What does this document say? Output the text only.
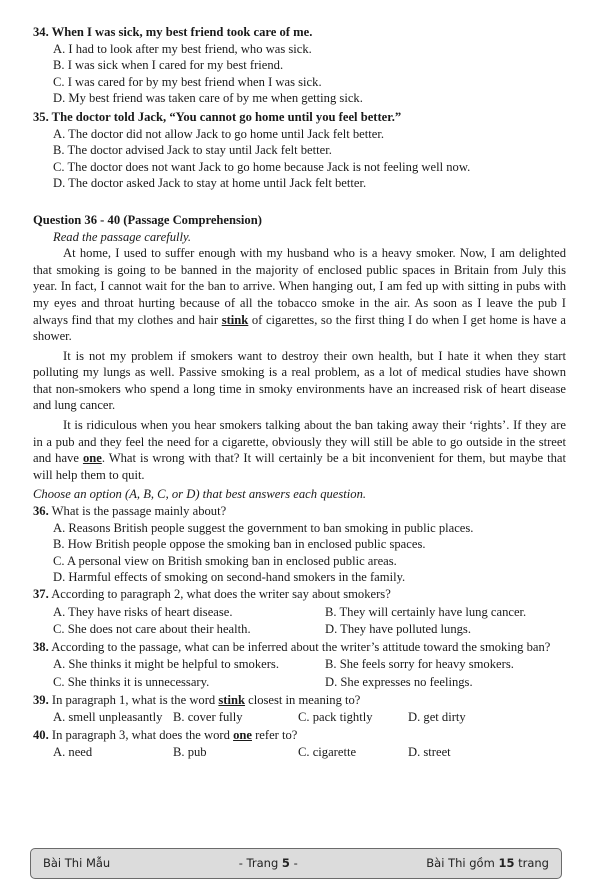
34. When I was sick, my best friend took care of me.

A. I had to look after my best friend, who was sick.

B. I was sick when I cared for my best friend.

C. I was cared for by my best friend when I was sick.

D. My best friend was taken care of by me when getting sick.

35. The doctor told Jack, “You cannot go home until you feel better.”

A. The doctor did not allow Jack to go home until Jack felt better.

B. The doctor advised Jack to stay until Jack felt better.

C. The doctor does not want Jack to go home because Jack is not feeling well now.

D. The doctor asked Jack to stay at home until Jack felt better.

Question 36 - 40 (Passage Comprehension)
Read the passage carefully.

At home, I used to suffer enough with my husband who is a heavy smoker. Now, I am delighted that smoking is going to be banned in the majority of enclosed public spaces in Britain from July this year. In fact, I cannot wait for the ban to arrive. When hanging out, I am fed up with sitting in pubs with my eyes and throat hurting because of all the tobacco smoke in the air. As soon as I leave the pub I always find that my clothes and hair stink of cigarettes, so the first thing I do when I get home is have a shower.

It is not my problem if smokers want to destroy their own health, but I hate it when they start polluting my lungs as well. Passive smoking is a real problem, as a lot of medical studies have shown that non-smokers who spend a long time in smoky environments have an increased risk of heart disease and lung cancer.

It is ridiculous when you hear smokers talking about the ban taking away their ‘rights’. If they are in a pub and they feel the need for a cigarette, obviously they will still be able to go outside in the street and have one. What is wrong with that? It will certainly be a bit inconvenient for them, but maybe that will help them to quit.

Choose an option (A, B, C, or D) that best answers each question.

36. What is the passage mainly about?

A. Reasons British people suggest the government to ban smoking in public places.

B. How British people oppose the smoking ban in enclosed public spaces.

C. A personal view on British smoking ban in enclosed public areas.

D. Harmful effects of smoking on second-hand smokers in the family.

37. According to paragraph 2, what does the writer say about smokers?

A. They have risks of heart disease.	B. They will certainly have lung cancer.
C. She does not care about their health.	D. They have polluted lungs.

38. According to the passage, what can be inferred about the writer’s attitude toward the smoking ban?

A. She thinks it might be helpful to smokers.	B. She feels sorry for heavy smokers.
C. She thinks it is unnecessary.	D. She expresses no feelings.

39. In paragraph 1, what is the word stink closest in meaning to?

A. smell unpleasantly B. cover fully	C. pack tightly	D. get dirty

40. In paragraph 3, what does the word one refer to?

A. need	B. pub	C. cigarette	D. street
Bài Thi Mẫu	- Trang 5 -	Bài Thi gồm 15 trang
